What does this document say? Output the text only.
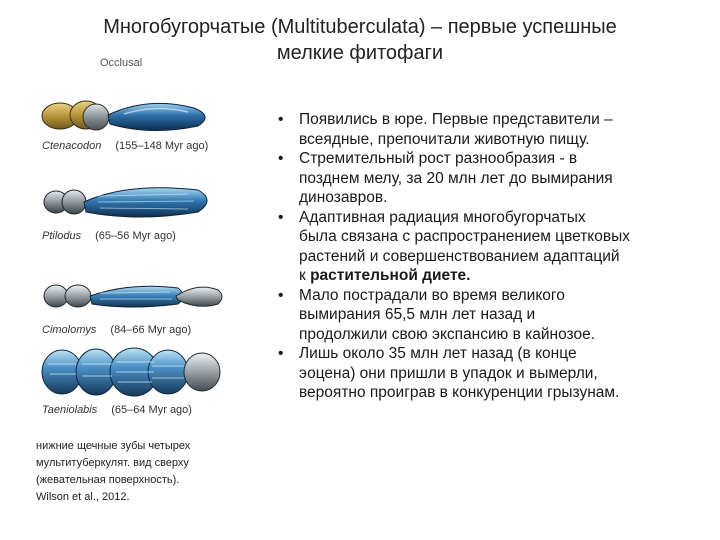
Многобугорчатые (Multituberculata) – первые успешные
мелкие фитофаги
Occlusal
Ctenacodon (155–148 Myr ago)
Ptilodus (65–56 Myr ago)
Cimolomys (84–66 Myr ago)
Taeniolabis (65–64 Myr ago)
нижние щечные зубы четырех
мультитуберкулят. вид сверху
(жевательная поверхность).
Wilson et al., 2012.
• Появились в юре. Первые представители –
всеядные, препочитали животную пищу.
• Стремительный рост разнообразия - в
позднем мелу, за 20 млн лет до вымирания
динозавров.
• Адаптивная радиация многобугорчатых
была связана с распространением цветковых
растений и совершенствованием адаптаций
к растительной диете.
• Мало пострадали во время великого
вымирания 65,5 млн лет назад и
продолжили свою экспансию в кайнозое.
• Лишь около 35 млн лет назад (в конце
эоцена) они пришли в упадок и вымерли,
вероятно проиграв в конкуренции грызунам.
